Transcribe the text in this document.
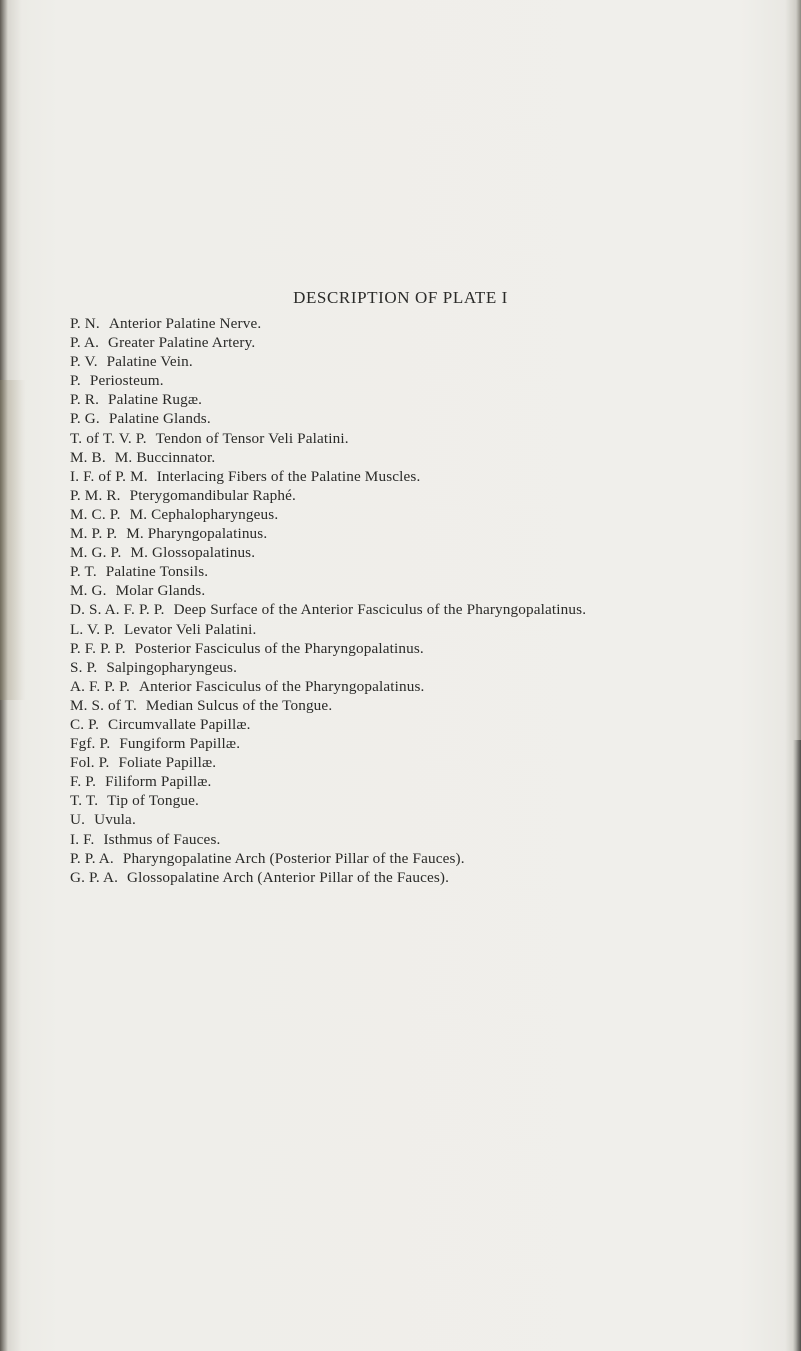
DESCRIPTION OF PLATE I
P. N. Anterior Palatine Nerve.
P. A. Greater Palatine Artery.
P. V. Palatine Vein.
P. Periosteum.
P. R. Palatine Rugæ.
P. G. Palatine Glands.
T. of T. V. P. Tendon of Tensor Veli Palatini.
M. B. M. Buccinnator.
I. F. of P. M. Interlacing Fibers of the Palatine Muscles.
P. M. R. Pterygomandibular Raphé.
M. C. P. M. Cephalopharyngeus.
M. P. P. M. Pharyngopalatinus.
M. G. P. M. Glossopalatinus.
P. T. Palatine Tonsils.
M. G. Molar Glands.
D. S. A. F. P. P. Deep Surface of the Anterior Fasciculus of the Pharyngopalatinus.
L. V. P. Levator Veli Palatini.
P. F. P. P. Posterior Fasciculus of the Pharyngopalatinus.
S. P. Salpingopharyngeus.
A. F. P. P. Anterior Fasciculus of the Pharyngopalatinus.
M. S. of T. Median Sulcus of the Tongue.
C. P. Circumvallate Papillæ.
Fgf. P. Fungiform Papillæ.
Fol. P. Foliate Papillæ.
F. P. Filiform Papillæ.
T. T. Tip of Tongue.
U. Uvula.
I. F. Isthmus of Fauces.
P. P. A. Pharyngopalatine Arch (Posterior Pillar of the Fauces).
G. P. A. Glossopalatine Arch (Anterior Pillar of the Fauces).
